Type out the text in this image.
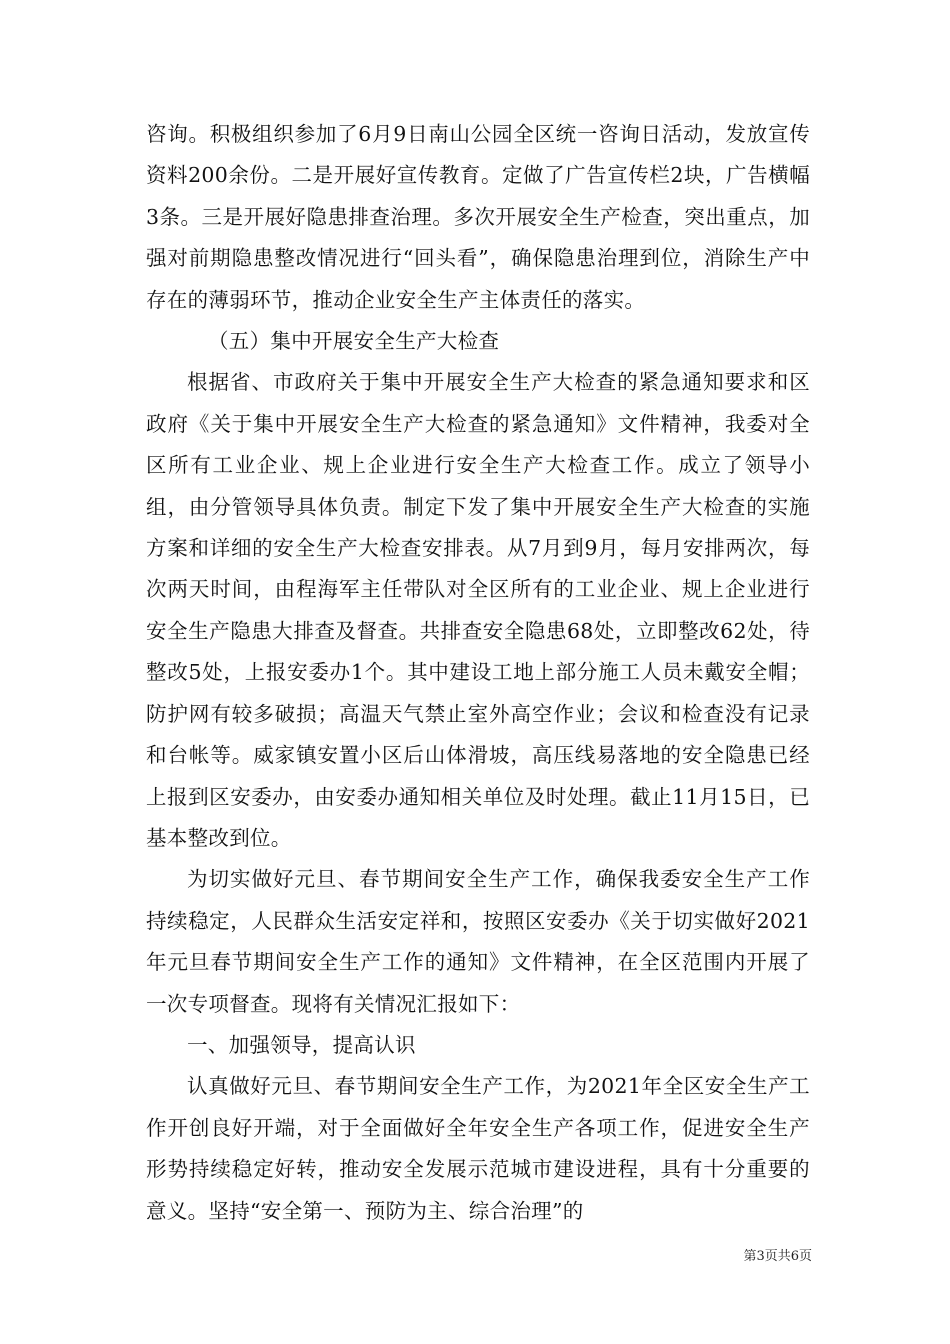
咨询。积极组织参加了6月9日南山公园全区统一咨询日活动，发放宣传资料200余份。二是开展好宣传教育。定做了广告宣传栏2块，广告横幅3条。三是开展好隐患排查治理。多次开展安全生产检查，突出重点，加强对前期隐患整改情况进行“回头看”，确保隐患治理到位，消除生产中存在的薄弱环节，推动企业安全生产主体责任的落实。

（五）集中开展安全生产大检查

根据省、市政府关于集中开展安全生产大检查的紧急通知要求和区政府《关于集中开展安全生产大检查的紧急通知》文件精神，我委对全区所有工业企业、规上企业进行安全生产大检查工作。成立了领导小组，由分管领导具体负责。制定下发了集中开展安全生产大检查的实施方案和详细的安全生产大检查安排表。从7月到9月，每月安排两次，每次两天时间，由程海军主任带队对全区所有的工业企业、规上企业进行安全生产隐患大排查及督查。共排查安全隐患68处，立即整改62处，待整改5处，上报安委办1个。其中建设工地上部分施工人员未戴安全帽；防护网有较多破损；高温天气禁止室外高空作业；会议和检查没有记录和台帐等。威家镇安置小区后山体滑坡，高压线易落地的安全隐患已经上报到区安委办，由安委办通知相关单位及时处理。截止11月15日，已基本整改到位。

为切实做好元旦、春节期间安全生产工作，确保我委安全生产工作持续稳定，人民群众生活安定祥和，按照区安委办《关于切实做好2021年元旦春节期间安全生产工作的通知》文件精神，在全区范围内开展了一次专项督查。现将有关情况汇报如下：

一、加强领导，提高认识

认真做好元旦、春节期间安全生产工作，为2021年全区安全生产工作开创良好开端，对于全面做好全年安全生产各项工作，促进安全生产形势持续稳定好转，推动安全发展示范城市建设进程，具有十分重要的意义。坚持“安全第一、预防为主、综合治理”的

第3页共6页
